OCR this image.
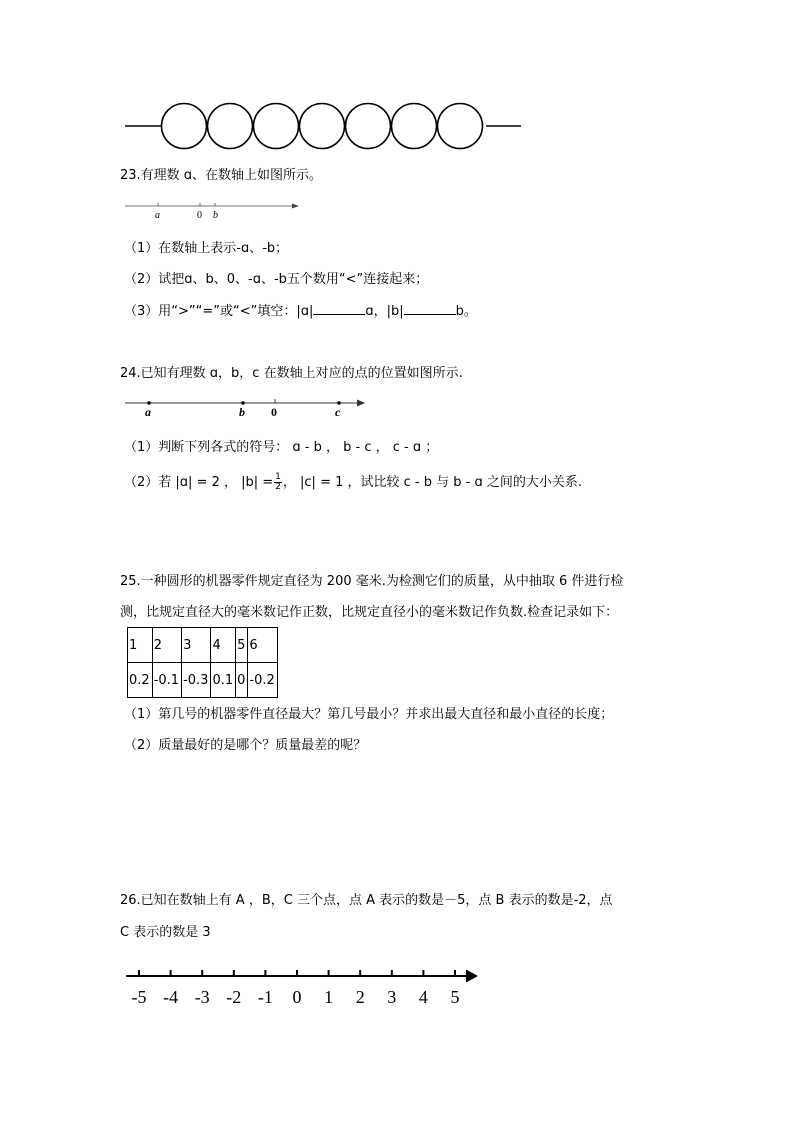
23.有理数 ɑ、在数轴上如图所示。
a	0 b
（1）在数轴上表示-ɑ、-b；
（2）试把ɑ、b、0、-ɑ、-b五个数用“<”连接起来；
（3）用“>”“=”或“<”填空：|ɑ|	ɑ，|b|	b。
24.已知有理数 ɑ，b，c 在数轴上对应的点的位置如图所示.
a	b 0	c
（1）判断下列各式的符号： ɑ - b ， b - c ， c - ɑ ；
（2）若 |ɑ| = 2 ， $|b| = \frac{1}{2}$ ， |c| = 1 ，试比较 c - b 与 b - ɑ 之间的大小关系.
25.一种圆形的机器零件规定直径为 200 毫米.为检测它们的质量，从中抽取 6 件进行检
测，比规定直径大的毫米数记作正数，比规定直径小的毫米数记作负数.检查记录如下：
1	2	3	4	5	6
0.2	-0.1	-0.3	0.1	0	-0.2
（1）第几号的机器零件直径最大？第几号最小？并求出最大直径和最小直径的长度；
（2）质量最好的是哪个？质量最差的呢？
26.已知在数轴上有 A ，B，C 三个点，点 A 表示的数是－5，点 B 表示的数是-2，点
C 表示的数是 3
-5 -4 -3 -2 -1 0 1 2 3 4 5
